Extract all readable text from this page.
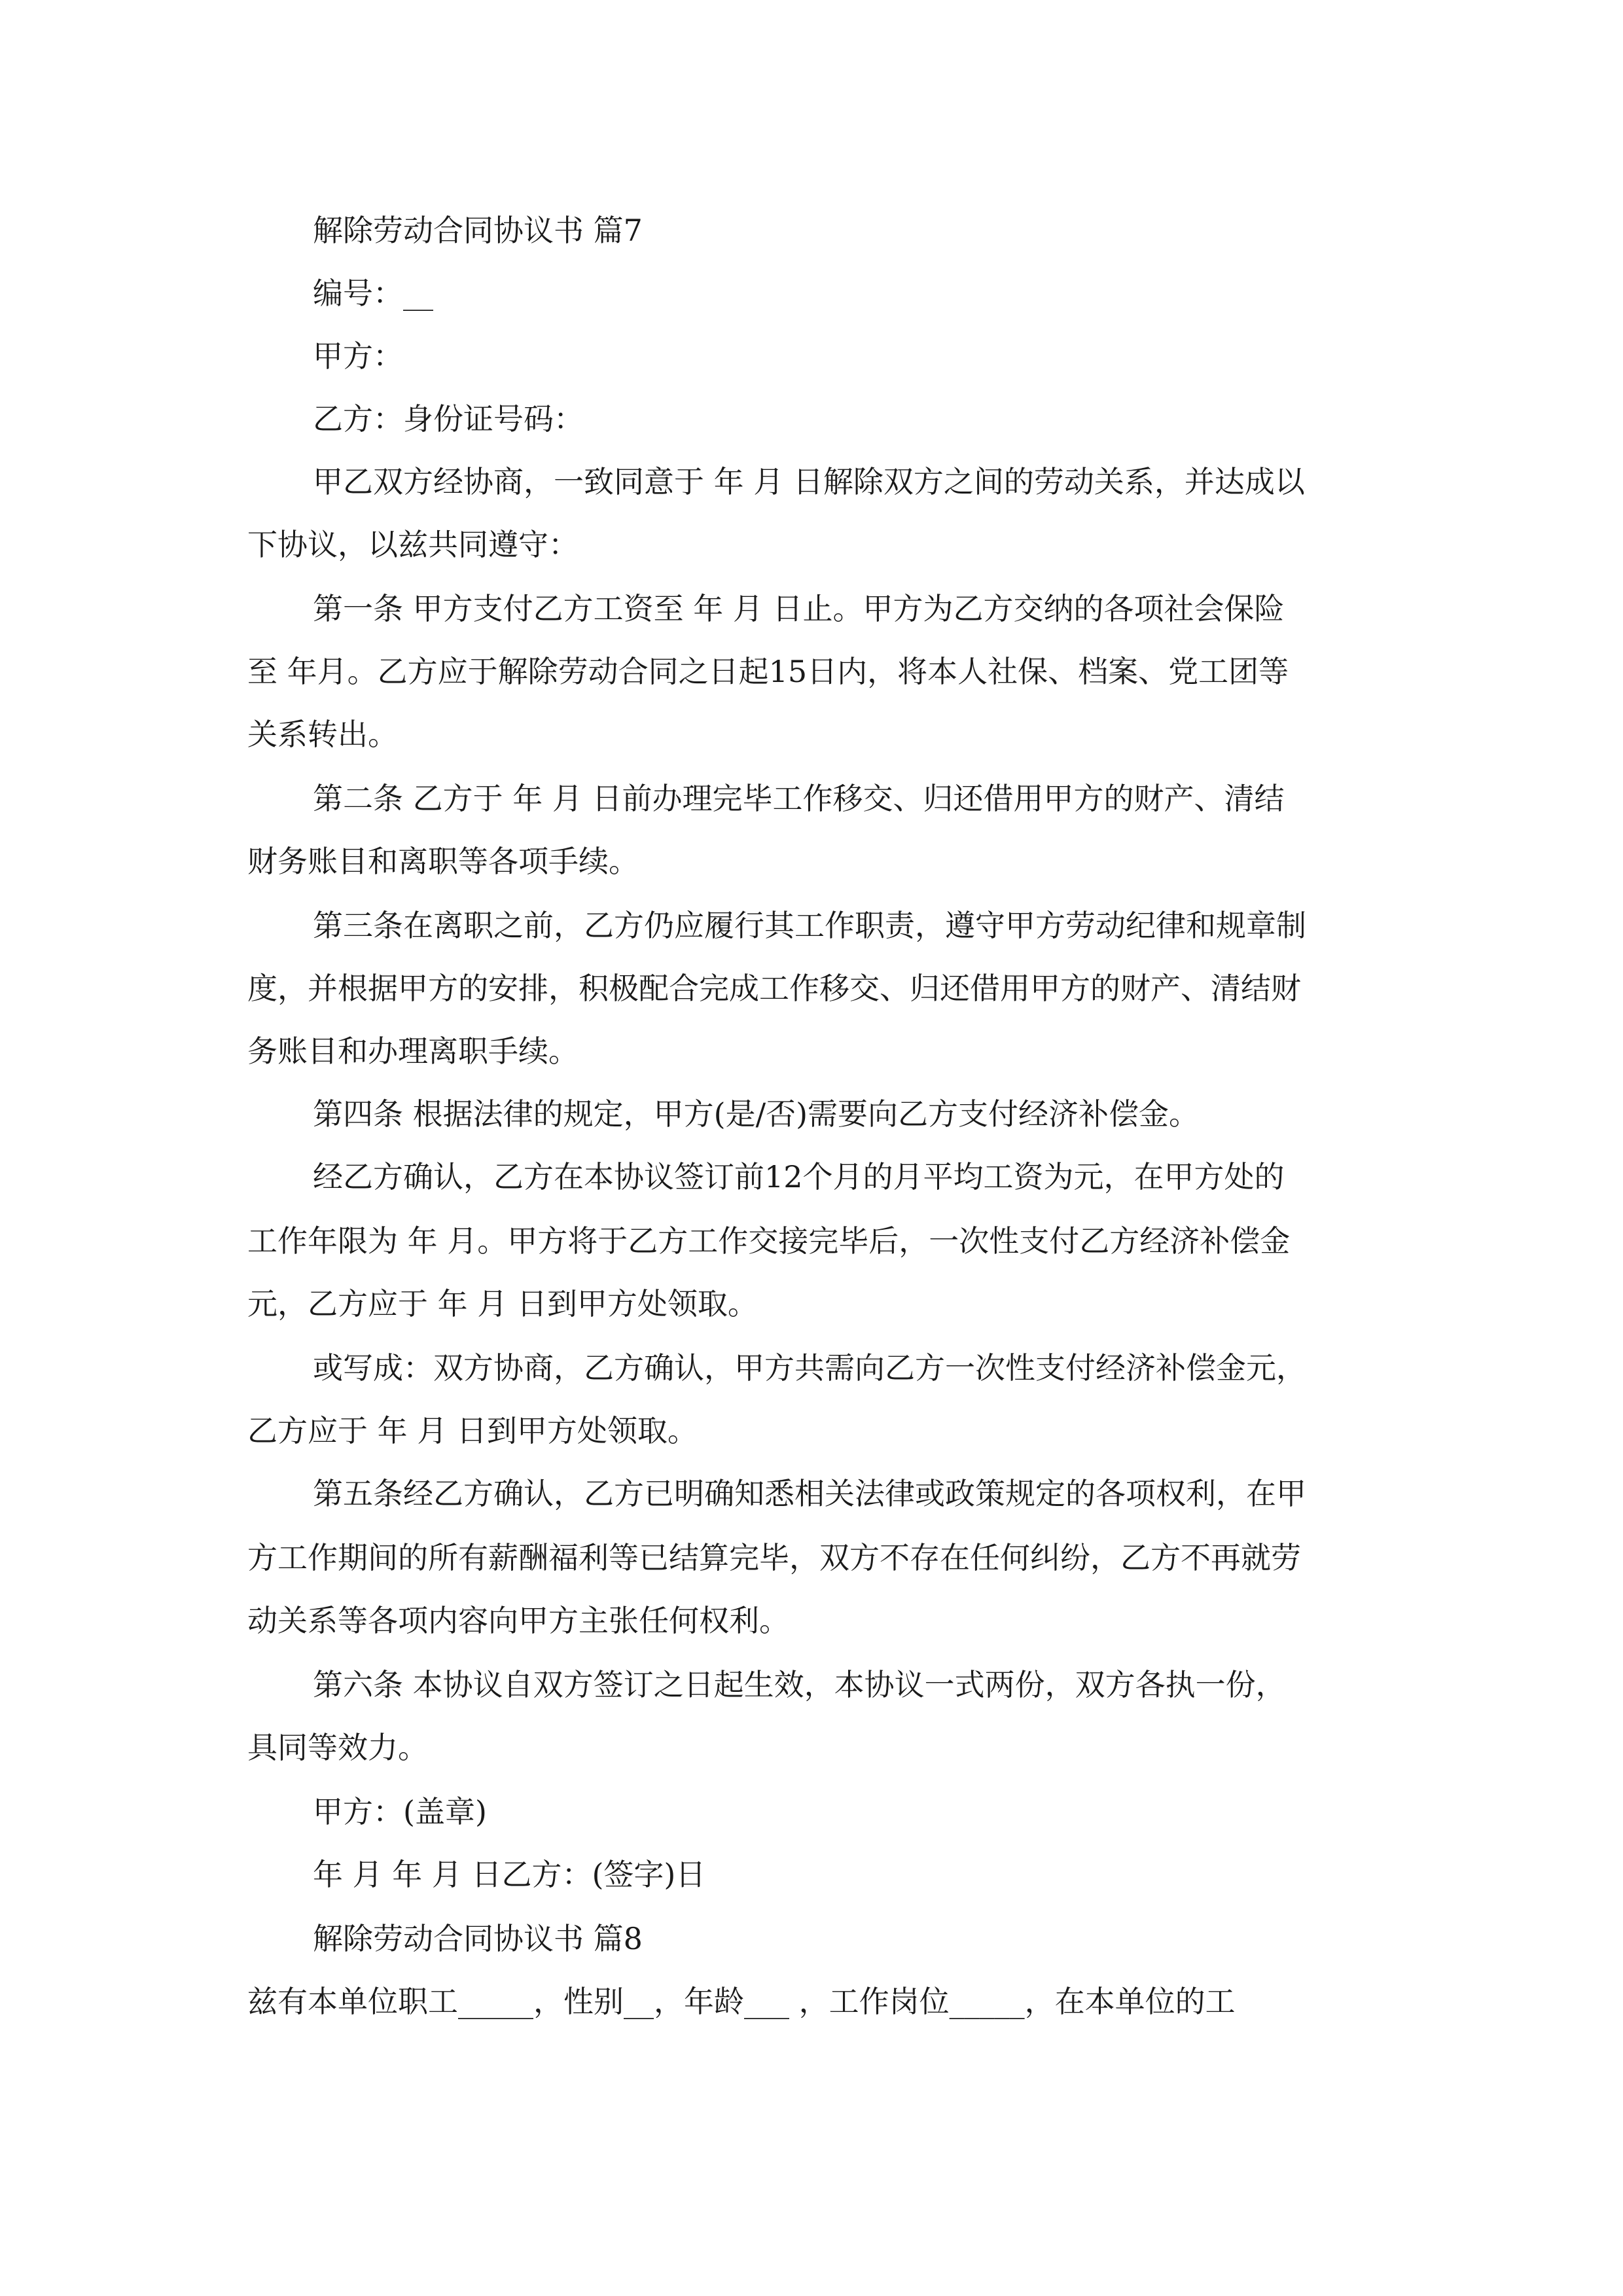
解除劳动合同协议书 篇7

编号：__

甲方：

乙方：身份证号码：

甲乙双方经协商，一致同意于 年 月 日解除双方之间的劳动关系，并达成以

下协议，以兹共同遵守：

第一条 甲方支付乙方工资至 年 月 日止。甲方为乙方交纳的各项社会保险

至 年月。乙方应于解除劳动合同之日起15日内，将本人社保、档案、党工团等

关系转出。

第二条 乙方于 年 月 日前办理完毕工作移交、归还借用甲方的财产、清结

财务账目和离职等各项手续。

第三条在离职之前，乙方仍应履行其工作职责，遵守甲方劳动纪律和规章制

度，并根据甲方的安排，积极配合完成工作移交、归还借用甲方的财产、清结财

务账目和办理离职手续。

第四条 根据法律的规定，甲方(是/否)需要向乙方支付经济补偿金。

经乙方确认，乙方在本协议签订前12个月的月平均工资为元，在甲方处的

工作年限为 年 月。甲方将于乙方工作交接完毕后，一次性支付乙方经济补偿金

元，乙方应于 年 月 日到甲方处领取。

或写成：双方协商，乙方确认，甲方共需向乙方一次性支付经济补偿金元，

乙方应于 年 月 日到甲方处领取。

第五条经乙方确认，乙方已明确知悉相关法律或政策规定的各项权利，在甲

方工作期间的所有薪酬福利等已结算完毕，双方不存在任何纠纷，乙方不再就劳

动关系等各项内容向甲方主张任何权利。

第六条 本协议自双方签订之日起生效，本协议一式两份，双方各执一份，

具同等效力。

甲方：(盖章)

年 月 年 月 日乙方：(签字)日

解除劳动合同协议书 篇8

兹有本单位职工_____，性别__，年龄___ ，工作岗位_____，在本单位的工
